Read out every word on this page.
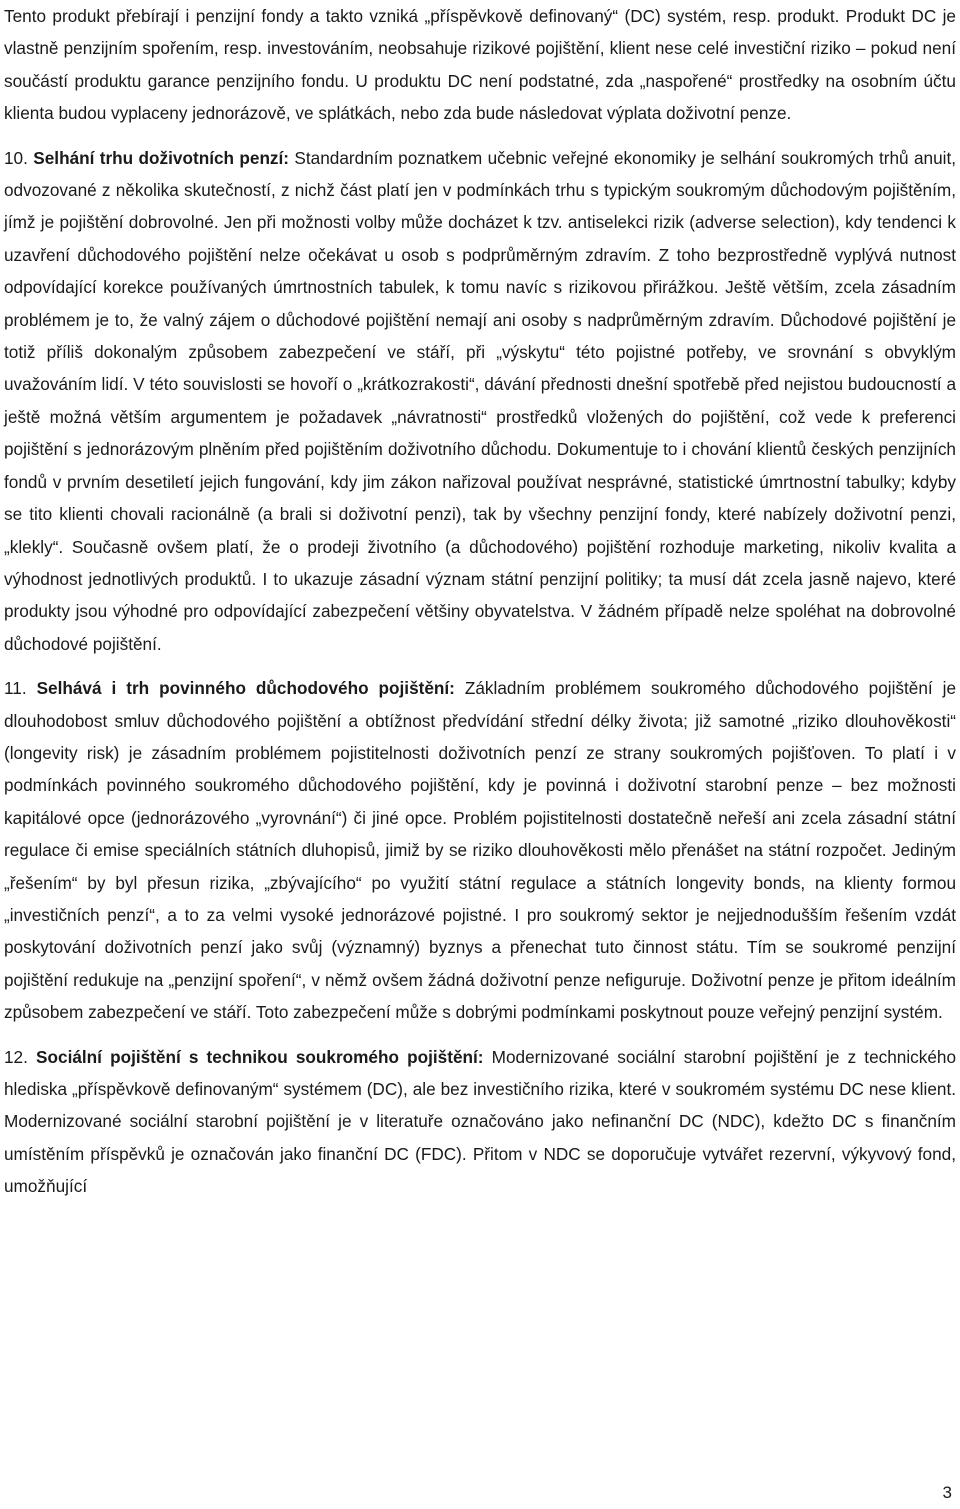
Tento produkt přebírají i penzijní fondy a takto vzniká „příspěvkově definovaný“ (DC) systém, resp. produkt. Produkt DC je vlastně penzijním spořením, resp. investováním, neobsahuje rizikové pojištění, klient nese celé investiční riziko – pokud není součástí produktu garance penzijního fondu. U produktu DC není podstatné, zda „naspořené“ prostředky na osobním účtu klienta budou vyplaceny jednorázově, ve splátkách, nebo zda bude následovat výplata doživotní penze.

10. Selhání trhu doživotních penzí: Standardním poznatkem učebnic veřejné ekonomiky je selhání soukromých trhů anuit, odvozované z několika skutečností, z nichž část platí jen v podmínkách trhu s typickým soukromým důchodovým pojištěním, jímž je pojištění dobrovolné. Jen při možnosti volby může docházet k tzv. antiselekci rizik (adverse selection), kdy tendenci k uzavření důchodového pojištění nelze očekávat u osob s podprůměrným zdravím. Z toho bezprostředně vyplývá nutnost odpovídající korekce používaných úmrtnostních tabulek, k tomu navíc s rizikovou přirážkou. Ještě větším, zcela zásadním problémem je to, že valný zájem o důchodové pojištění nemají ani osoby s nadprůměrným zdravím. Důchodové pojištění je totiž příliš dokonalým způsobem zabezpečení ve stáří, při „výskytu“ této pojistné potřeby, ve srovnání s obvyklým uvažováním lidí. V této souvislosti se hovoří o „krátkozrakosti“, dávání přednosti dnešní spotřebě před nejistou budoucností a ještě možná větším argumentem je požadavek „návratnosti“ prostředků vložených do pojištění, což vede k preferenci pojištění s jednorázovým plněním před pojištěním doživotního důchodu. Dokumentuje to i chování klientů českých penzijních fondů v prvním desetiletí jejich fungování, kdy jim zákon nařizoval používat nesprávné, statistické úmrtnostní tabulky; kdyby se tito klienti chovali racionálně (a brali si doživotní penzi), tak by všechny penzijní fondy, které nabízely doživotní penzi, „klekly“. Současně ovšem platí, že o prodeji životního (a důchodového) pojištění rozhoduje marketing, nikoliv kvalita a výhodnost jednotlivých produktů. I to ukazuje zásadní význam státní penzijní politiky; ta musí dát zcela jasně najevo, které produkty jsou výhodné pro odpovídající zabezpečení většiny obyvatelstva. V žádném případě nelze spoléhat na dobrovolné důchodové pojištění.

11. Selhává i trh povinného důchodového pojištění: Základním problémem soukromého důchodového pojištění je dlouhodobost smluv důchodového pojištění a obtížnost předvídání střední délky života; již samotné „riziko dlouhověkosti“ (longevity risk) je zásadním problémem pojistitelnosti doživotních penzí ze strany soukromých pojišťoven. To platí i v podmínkách povinného soukromého důchodového pojištění, kdy je povinná i doživotní starobní penze – bez možnosti kapitálové opce (jednorázového „vyrovnání“) či jiné opce. Problém pojistitelnosti dostatečně neřeší ani zcela zásadní státní regulace či emise speciálních státních dluhopisů, jimiž by se riziko dlouhověkosti mělo přenášet na státní rozpočet. Jediným „řešením“ by byl přesun rizika, „zbývajícího“ po využití státní regulace a státních longevity bonds, na klienty formou „investičních penzí“, a to za velmi vysoké jednorázové pojistné. I pro soukromý sektor je nejjednodušším řešením vzdát poskytování doživotních penzí jako svůj (významný) byznys a přenechat tuto činnost státu. Tím se soukromé penzijní pojištění redukuje na „penzijní spoření“, v němž ovšem žádná doživotní penze nefiguruje. Doživotní penze je přitom ideálním způsobem zabezpečení ve stáří. Toto zabezpečení může s dobrými podmínkami poskytnout pouze veřejný penzijní systém.

12. Sociální pojištění s technikou soukromého pojištění: Modernizované sociální starobní pojištění je z technického hlediska „příspěvkově definovaným“ systémem (DC), ale bez investičního rizika, které v soukromém systému DC nese klient. Modernizované sociální starobní pojištění je v literatuře označováno jako nefinanční DC (NDC), kdežto DC s finančním umístěním příspěvků je označován jako finanční DC (FDC). Přitom v NDC se doporučuje vytvářet rezervní, výkyvový fond, umožňující

3
